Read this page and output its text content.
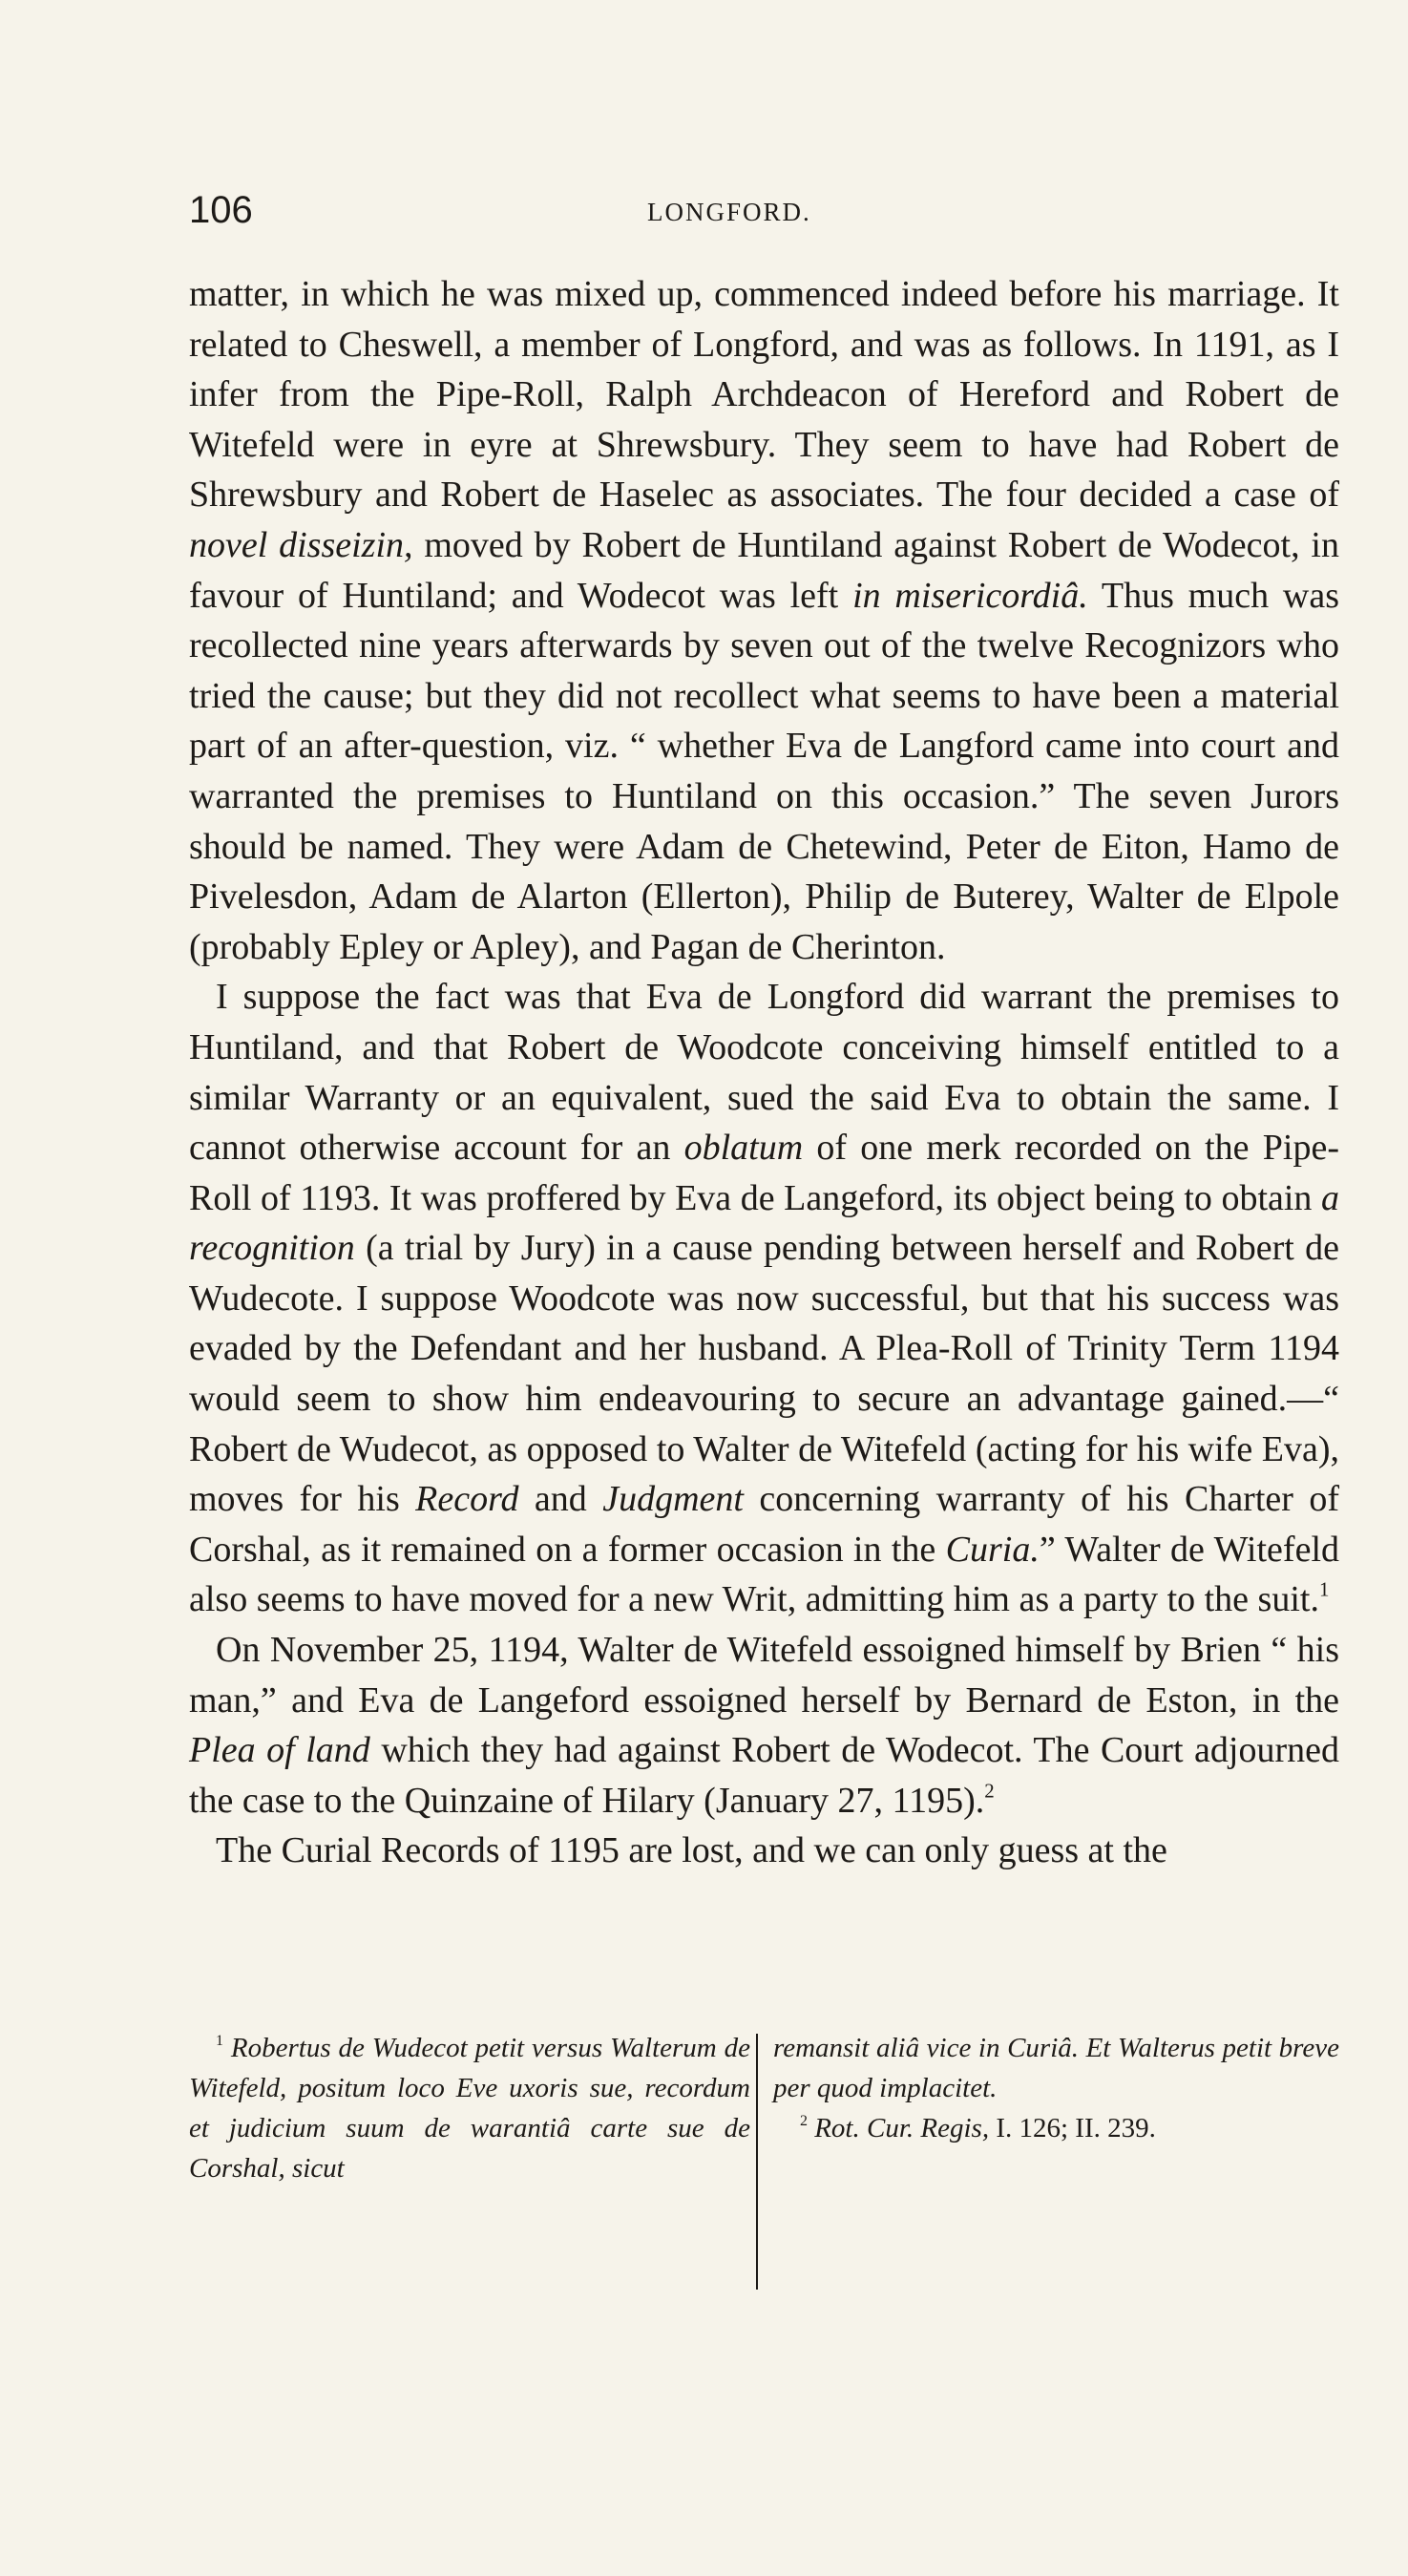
106	LONGFORD.

matter, in which he was mixed up, commenced indeed before his marriage. It related to Cheswell, a member of Longford, and was as follows. In 1191, as I infer from the Pipe-Roll, Ralph Archdeacon of Hereford and Robert de Witefeld were in eyre at Shrewsbury. They seem to have had Robert de Shrewsbury and Robert de Haselec as associates. The four decided a case of novel disseizin, moved by Robert de Huntiland against Robert de Wodecot, in favour of Huntiland; and Wodecot was left in misericordiâ. Thus much was recollected nine years afterwards by seven out of the twelve Recognizors who tried the cause; but they did not recollect what seems to have been a material part of an after-question, viz. “ whether Eva de Langford came into court and warranted the premises to Huntiland on this occasion.” The seven Jurors should be named. They were Adam de Chetewind, Peter de Eiton, Hamo de Pivelesdon, Adam de Alarton (Ellerton), Philip de Buterey, Walter de Elpole (probably Epley or Apley), and Pagan de Cherinton.

I suppose the fact was that Eva de Longford did warrant the premises to Huntiland, and that Robert de Woodcote conceiving himself entitled to a similar Warranty or an equivalent, sued the said Eva to obtain the same. I cannot otherwise account for an oblatum of one merk recorded on the Pipe-Roll of 1193. It was proffered by Eva de Langeford, its object being to obtain a recognition (a trial by Jury) in a cause pending between herself and Robert de Wudecote. I suppose Woodcote was now successful, but that his success was evaded by the Defendant and her husband. A Plea-Roll of Trinity Term 1194 would seem to show him endeavouring to secure an advantage gained.—“ Robert de Wudecot, as opposed to Walter de Witefeld (acting for his wife Eva), moves for his Record and Judgment concerning warranty of his Charter of Corshal, as it remained on a former occasion in the Curia.” Walter de Witefeld also seems to have moved for a new Writ, admitting him as a party to the suit.$^1$

On November 25, 1194, Walter de Witefeld essoigned himself by Brien “ his man,” and Eva de Langeford essoigned herself by Bernard de Eston, in the Plea of land which they had against Robert de Wodecot. The Court adjourned the case to the Quinzaine of Hilary (January 27, 1195).$^2$

The Curial Records of 1195 are lost, and we can only guess at the

$^1$ Robertus de Wudecot petit versus Walterum de Witefeld, positum loco Eve uxoris sue, recordum et judicium suum de warantiâ carte sue de Corshal, sicut

remansit aliâ vice in Curiâ. Et Walterus petit breve per quod implacitet.

$^2$ Rot. Cur. Regis, I. 126; II. 239.
